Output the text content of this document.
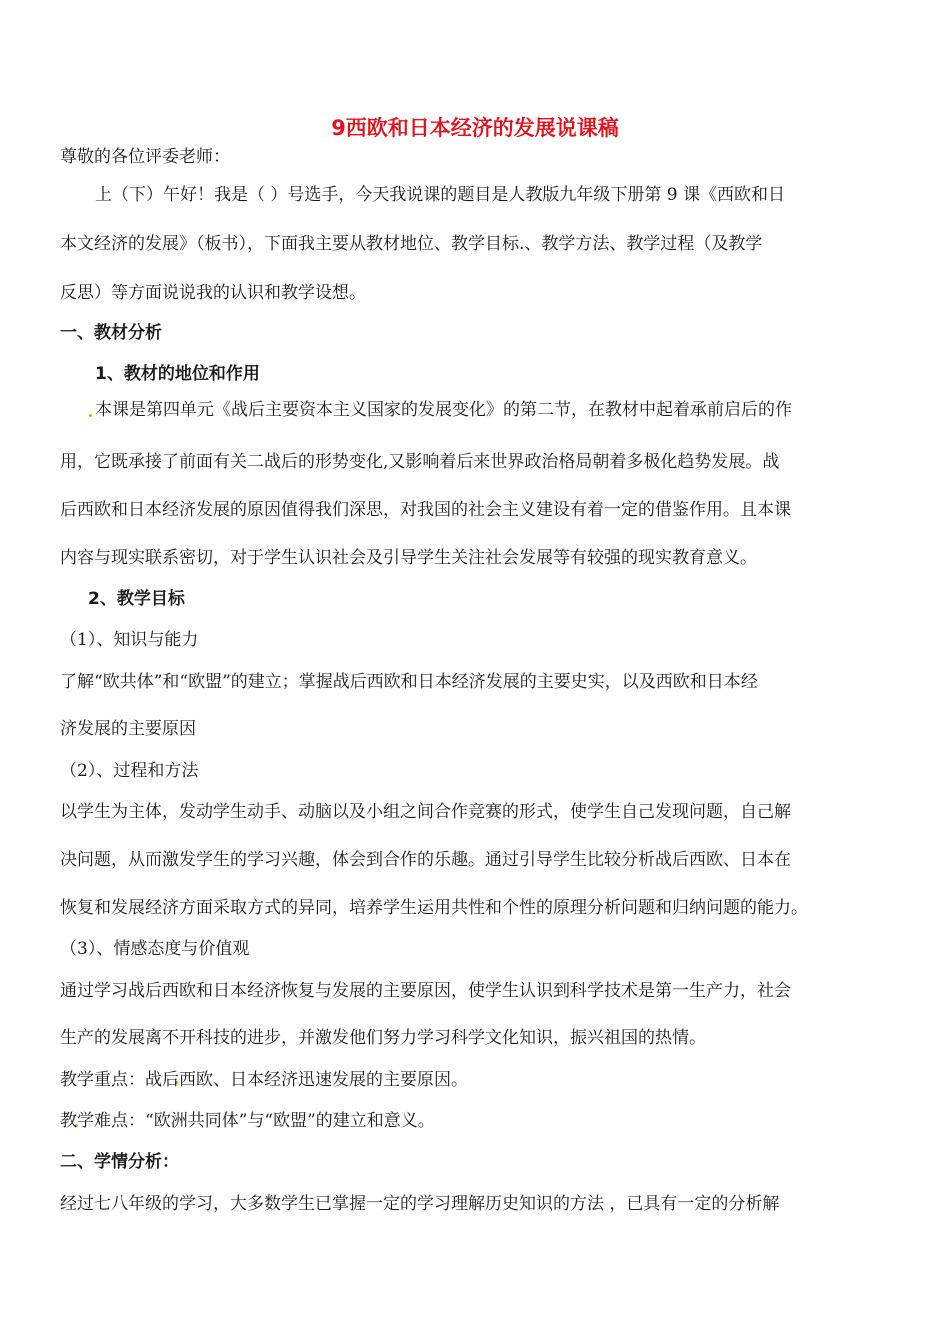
9西欧和日本经济的发展说课稿
尊敬的各位评委老师：
上（下）午好！我是（ ）号选手，今天我说课的题目是人教版九年级下册第 9 课《西欧和日
本文经济的发展》（板书），下面我主要从教材地位、教学目标.、教学方法、教学过程（及教学
反思）等方面说说我的认识和教学设想。
一、教材分析
1、教材的地位和作用
本课是第四单元《战后主要资本主义国家的发展变化》的第二节，在教材中起着承前启后的作
用，它既承接了前面有关二战后的形势变化,又影响着后来世界政治格局朝着多极化趋势发展。战
后西欧和日本经济发展的原因值得我们深思，对我国的社会主义建设有着一定的借鉴作用。且本课
内容与现实联系密切，对于学生认识社会及引导学生关注社会发展等有较强的现实教育意义。
2、教学目标
（1）、知识与能力
了解“欧共体”和“欧盟”的建立；掌握战后西欧和日本经济发展的主要史实，以及西欧和日本经
济发展的主要原因
（2）、过程和方法
以学生为主体，发动学生动手、动脑以及小组之间合作竞赛的形式，使学生自己发现问题，自己解
决问题，从而激发学生的学习兴趣，体会到合作的乐趣。通过引导学生比较分析战后西欧、日本在
恢复和发展经济方面采取方式的异同，培养学生运用共性和个性的原理分析问题和归纳问题的能力。
（3）、情感态度与价值观
通过学习战后西欧和日本经济恢复与发展的主要原因，使学生认识到科学技术是第一生产力，社会
生产的发展离不开科技的进步，并激发他们努力学习科学文化知识，振兴祖国的热情。
教学重点：战后西欧、日本经济迅速发展的主要原因。
教学难点：“欧洲共同体”与“欧盟”的建立和意义。
二、学情分析：
经过七八年级的学习，大多数学生已掌握一定的学习理解历史知识的方法 ，已具有一定的分析解
